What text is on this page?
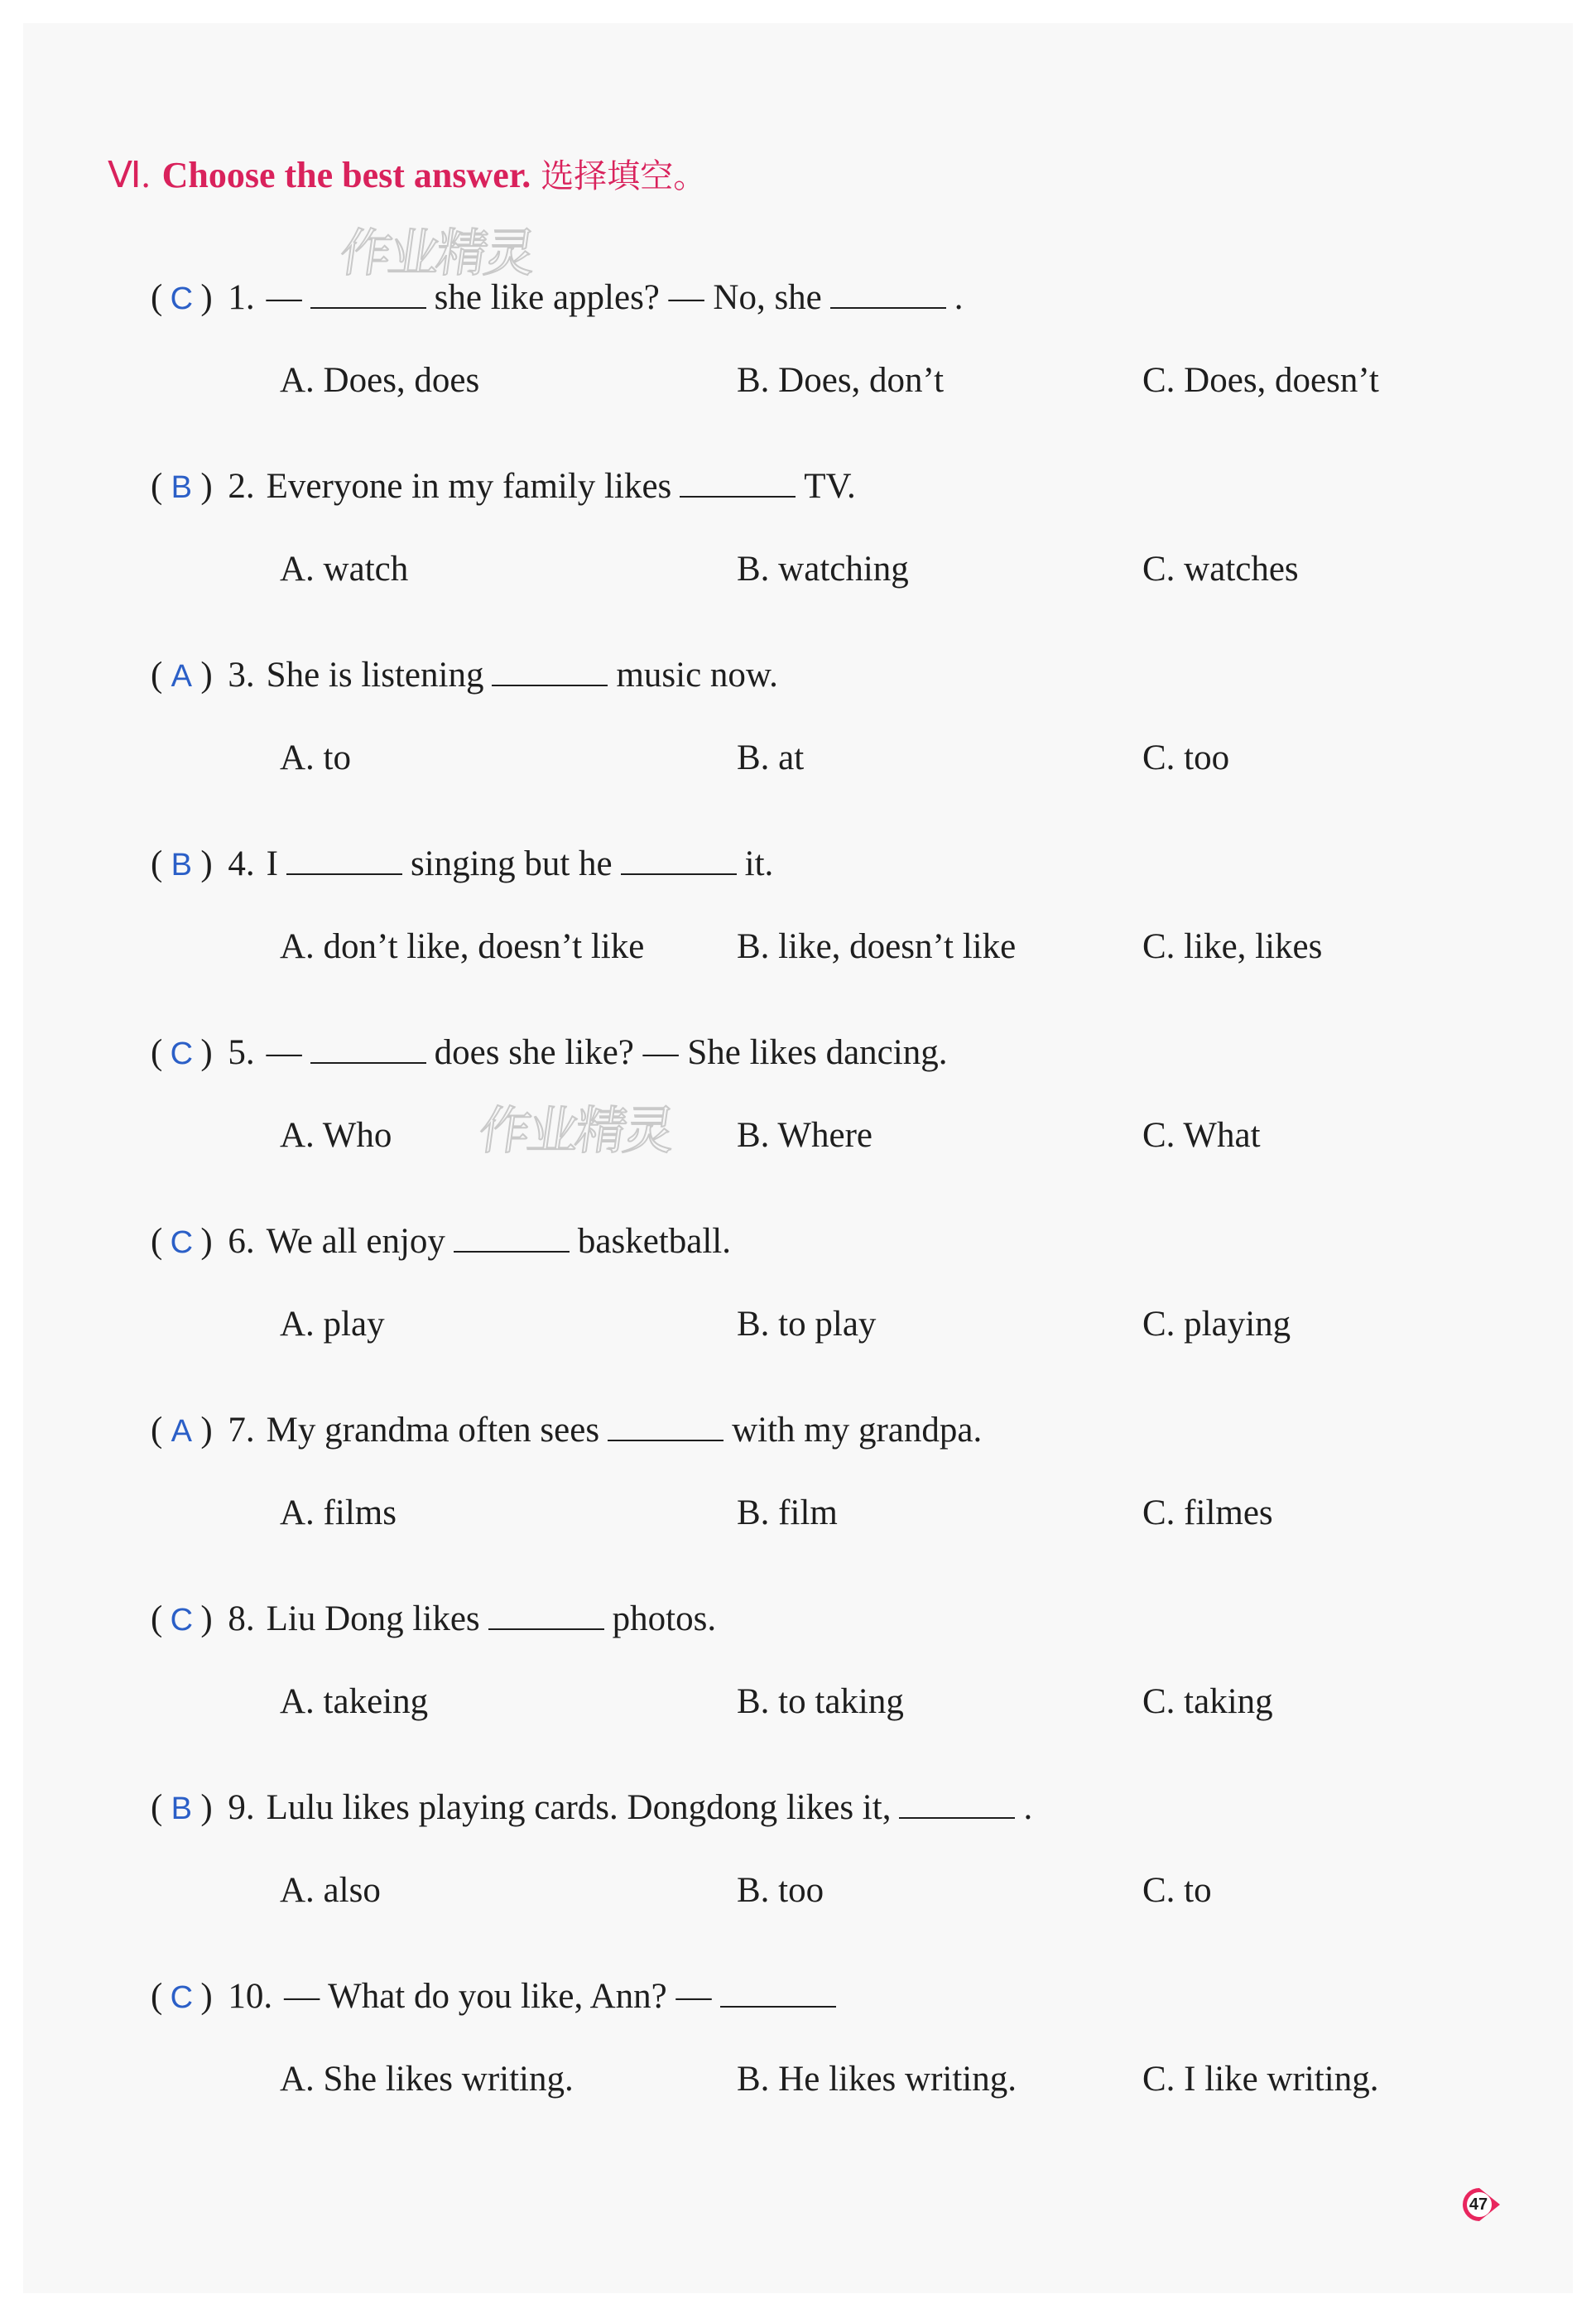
Ⅵ. Choose the best answer. 选择填空。
作业精灵
作业精灵
( C ) 1. —	she like apples? — No, she	.
A. Does, does	B. Does, don’t	C. Does, doesn’t
( B ) 2. Everyone in my family likes	TV.
A. watch	B. watching	C. watches
( A ) 3. She is listening	music now.
A. to	B. at	C. too
( B ) 4. I	singing but he	it.
A. don’t like, doesn’t like	B. like, doesn’t like	C. like, likes
( C ) 5. —	does she like? — She likes dancing.
A. Who	B. Where	C. What
( C ) 6. We all enjoy	basketball.
A. play	B. to play	C. playing
( A ) 7. My grandma often sees	with my grandpa.
A. films	B. film	C. filmes
( C ) 8. Liu Dong likes	photos.
A. takeing	B. to taking	C. taking
( B ) 9. Lulu likes playing cards. Dongdong likes it,	.
A. also	B. too	C. to
( C ) 10. — What do you like, Ann? —
A. She likes writing.	B. He likes writing.	C. I like writing.
47
